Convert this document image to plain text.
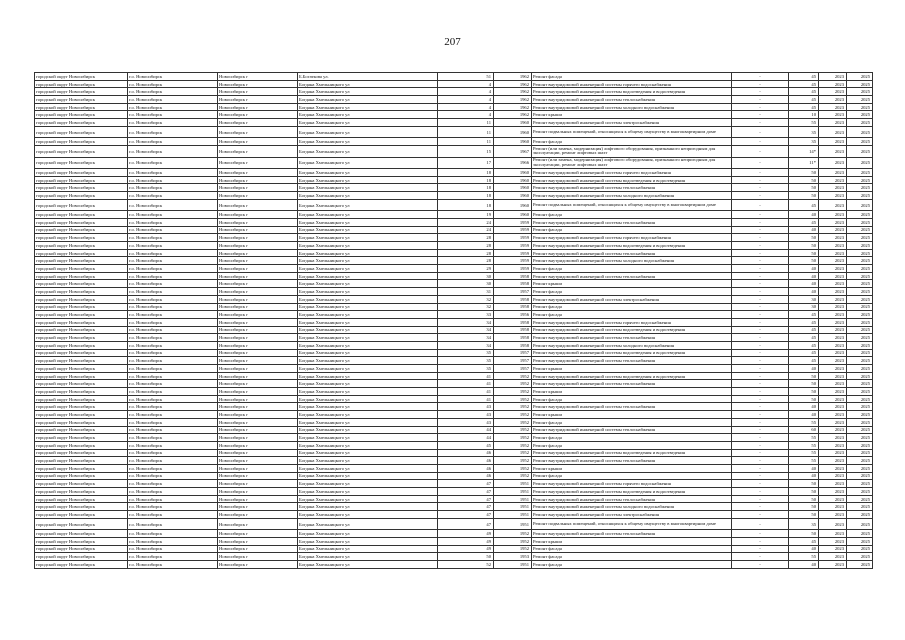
207
городской округ Новосибирск	г.о. Новосибирск	Новосибирск г	Б.Богаткова ул.	51	1962	Ремонт фасада	-	45	2023	2025
городской округ Новосибирск	г.о. Новосибирск	Новосибирск г	Богдана Хмельницкого ул	4	1962	Ремонт внутридомовой инженерной системы горячего водоснабжения	-	45	2023	2025
городской округ Новосибирск	г.о. Новосибирск	Новосибирск г	Богдана Хмельницкого ул	4	1962	Ремонт внутридомовой инженерной системы водоотведения и водоотведения	-	45	2023	2025
городской округ Новосибирск	г.о. Новосибирск	Новосибирск г	Богдана Хмельницкого ул	4	1962	Ремонт внутридомовой инженерной системы теплоснабжения	-	45	2023	2025
городской округ Новосибирск	г.о. Новосибирск	Новосибирск г	Богдана Хмельницкого ул	4	1962	Ремонт внутридомовой инженерной системы холодного водоснабжения	-	45	2023	2025
городской округ Новосибирск	г.о. Новосибирск	Новосибирск г	Богдана Хмельницкого ул	4	1962	Ремонт крыши	-	10	2023	2025
городской округ Новосибирск	г.о. Новосибирск	Новосибирск г	Богдана Хмельницкого ул	11	1960	Ремонт внутридомовой инженерной системы электроснабжения	-	55	2023	2025
городской округ Новосибирск	г.о. Новосибирск	Новосибирск г	Богдана Хмельницкого ул	11	1960	Ремонт подвальных помещений, относящихся к общему имуществу в многоквартирном доме	-	35	2023	2025
городской округ Новосибирск	г.о. Новосибирск	Новосибирск г	Богдана Хмельницкого ул	11	1960	Ремонт фасада	-	35	2023	2025
городской округ Новосибирск	г.о. Новосибирск	Новосибирск г	Богдана Хмельницкого ул	15	1967	Ремонт (или замена, модернизация) лифтового оборудования, признанного непригодным для эксплуатации, ремонт лифтовых шахт	-	14*	2023	2025
городской округ Новосибирск	г.о. Новосибирск	Новосибирск г	Богдана Хмельницкого ул	17	1966	Ремонт (или замена, модернизация) лифтового оборудования, признанного непригодным для эксплуатации, ремонт лифтовых шахт	-	11*	2023	2025
городской округ Новосибирск	г.о. Новосибирск	Новосибирск г	Богдана Хмельницкого ул	18	1960	Ремонт внутридомовой инженерной системы горячего водоснабжения	-	50	2023	2025
городской округ Новосибирск	г.о. Новосибирск	Новосибирск г	Богдана Хмельницкого ул	18	1960	Ремонт внутридомовой инженерной системы водоотведения и водоотведения	-	50	2023	2025
городской округ Новосибирск	г.о. Новосибирск	Новосибирск г	Богдана Хмельницкого ул	18	1960	Ремонт внутридомовой инженерной системы теплоснабжения	-	50	2023	2025
городской округ Новосибирск	г.о. Новосибирск	Новосибирск г	Богдана Хмельницкого ул	18	1960	Ремонт внутридомовой инженерной системы холодного водоснабжения	-	50	2023	2025
городской округ Новосибирск	г.о. Новосибирск	Новосибирск г	Богдана Хмельницкого ул	18	1960	Ремонт подвальных помещений, относящихся к общему имуществу в многоквартирном доме	-	45	2023	2025
городской округ Новосибирск	г.о. Новосибирск	Новосибирск г	Богдана Хмельницкого ул	19	1960	Ремонт фасада	-	40	2023	2025
городской округ Новосибирск	г.о. Новосибирск	Новосибирск г	Богдана Хмельницкого ул	24	1959	Ремонт внутридомовой инженерной системы теплоснабжения	-	45	2023	2025
городской округ Новосибирск	г.о. Новосибирск	Новосибирск г	Богдана Хмельницкого ул	24	1959	Ремонт фасада	-	40	2023	2025
городской округ Новосибирск	г.о. Новосибирск	Новосибирск г	Богдана Хмельницкого ул	28	1959	Ремонт внутридомовой инженерной системы горячего водоснабжения	-	50	2023	2025
городской округ Новосибирск	г.о. Новосибирск	Новосибирск г	Богдана Хмельницкого ул	28	1959	Ремонт внутридомовой инженерной системы водоотведения и водоотведения	-	50	2023	2025
городской округ Новосибирск	г.о. Новосибирск	Новосибирск г	Богдана Хмельницкого ул	28	1959	Ремонт внутридомовой инженерной системы теплоснабжения	-	50	2023	2025
городской округ Новосибирск	г.о. Новосибирск	Новосибирск г	Богдана Хмельницкого ул	28	1959	Ремонт внутридомовой инженерной системы холодного водоснабжения	-	50	2023	2025
городской округ Новосибирск	г.о. Новосибирск	Новосибирск г	Богдана Хмельницкого ул	29	1959	Ремонт фасада	-	40	2023	2025
городской округ Новосибирск	г.о. Новосибирск	Новосибирск г	Богдана Хмельницкого ул	30	1958	Ремонт внутридомовой инженерной системы теплоснабжения	-	40	2023	2025
городской округ Новосибирск	г.о. Новосибирск	Новосибирск г	Богдана Хмельницкого ул	30	1958	Ремонт крыши	-	40	2023	2025
городской округ Новосибирск	г.о. Новосибирск	Новосибирск г	Богдана Хмельницкого ул	31	1957	Ремонт фасада	-	40	2023	2025
городской округ Новосибирск	г.о. Новосибирск	Новосибирск г	Богдана Хмельницкого ул	32	1958	Ремонт внутридомовой инженерной системы электроснабжения	-	30	2023	2025
городской округ Новосибирск	г.о. Новосибирск	Новосибирск г	Богдана Хмельницкого ул	32	1958	Ремонт фасада	-	30	2023	2025
городской округ Новосибирск	г.о. Новосибирск	Новосибирск г	Богдана Хмельницкого ул	33	1956	Ремонт фасада	-	45	2023	2025
городской округ Новосибирск	г.о. Новосибирск	Новосибирск г	Богдана Хмельницкого ул	34	1958	Ремонт внутридомовой инженерной системы горячего водоснабжения	-	45	2023	2025
городской округ Новосибирск	г.о. Новосибирск	Новосибирск г	Богдана Хмельницкого ул	34	1958	Ремонт внутридомовой инженерной системы водоотведения и водоотведения	-	45	2023	2025
городской округ Новосибирск	г.о. Новосибирск	Новосибирск г	Богдана Хмельницкого ул	34	1958	Ремонт внутридомовой инженерной системы теплоснабжения	-	45	2023	2025
городской округ Новосибирск	г.о. Новосибирск	Новосибирск г	Богдана Хмельницкого ул	34	1958	Ремонт внутридомовой инженерной системы холодного водоснабжения	-	45	2023	2025
городской округ Новосибирск	г.о. Новосибирск	Новосибирск г	Богдана Хмельницкого ул	35	1957	Ремонт внутридомовой инженерной системы водоотведения и водоотведения	-	45	2023	2025
городской округ Новосибирск	г.о. Новосибирск	Новосибирск г	Богдана Хмельницкого ул	35	1957	Ремонт внутридомовой инженерной системы теплоснабжения	-	45	2023	2025
городской округ Новосибирск	г.о. Новосибирск	Новосибирск г	Богдана Хмельницкого ул	35	1957	Ремонт крыши	-	40	2023	2025
городской округ Новосибирск	г.о. Новосибирск	Новосибирск г	Богдана Хмельницкого ул	41	1952	Ремонт внутридомовой инженерной системы водоотведения и водоотведения	-	50	2023	2025
городской округ Новосибирск	г.о. Новосибирск	Новосибирск г	Богдана Хмельницкого ул	41	1952	Ремонт внутридомовой инженерной системы теплоснабжения	-	50	2023	2025
городской округ Новосибирск	г.о. Новосибирск	Новосибирск г	Богдана Хмельницкого ул	41	1952	Ремонт крыши	-	50	2023	2025
городской округ Новосибирск	г.о. Новосибирск	Новосибирск г	Богдана Хмельницкого ул	41	1952	Ремонт фасада	-	50	2023	2025
городской округ Новосибирск	г.о. Новосибирск	Новосибирск г	Богдана Хмельницкого ул	43	1952	Ремонт внутридомовой инженерной системы теплоснабжения	-	40	2023	2025
городской округ Новосибирск	г.о. Новосибирск	Новосибирск г	Богдана Хмельницкого ул	43	1952	Ремонт крыши	-	40	2023	2025
городской округ Новосибирск	г.о. Новосибирск	Новосибирск г	Богдана Хмельницкого ул	43	1952	Ремонт фасада	-	55	2023	2025
городской округ Новосибирск	г.о. Новосибирск	Новосибирск г	Богдана Хмельницкого ул	44	1952	Ремонт внутридомовой инженерной системы теплоснабжения	-	60	2023	2025
городской округ Новосибирск	г.о. Новосибирск	Новосибирск г	Богдана Хмельницкого ул	44	1952	Ремонт фасада	-	55	2023	2025
городской округ Новосибирск	г.о. Новосибирск	Новосибирск г	Богдана Хмельницкого ул	45	1952	Ремонт фасада	-	55	2023	2025
городской округ Новосибирск	г.о. Новосибирск	Новосибирск г	Богдана Хмельницкого ул	46	1952	Ремонт внутридомовой инженерной системы водоотведения и водоотведения	-	55	2023	2025
городской округ Новосибирск	г.о. Новосибирск	Новосибирск г	Богдана Хмельницкого ул	46	1952	Ремонт внутридомовой инженерной системы теплоснабжения	-	55	2023	2025
городской округ Новосибирск	г.о. Новосибирск	Новосибирск г	Богдана Хмельницкого ул	46	1952	Ремонт крыши	-	40	2023	2025
городской округ Новосибирск	г.о. Новосибирск	Новосибирск г	Богдана Хмельницкого ул	46	1952	Ремонт фасада	-	40	2023	2025
городской округ Новосибирск	г.о. Новосибирск	Новосибирск г	Богдана Хмельницкого ул	47	1951	Ремонт внутридомовой инженерной системы горячего водоснабжения	-	50	2023	2025
городской округ Новосибирск	г.о. Новосибирск	Новосибирск г	Богдана Хмельницкого ул	47	1951	Ремонт внутридомовой инженерной системы водоотведения и водоотведения	-	50	2023	2025
городской округ Новосибирск	г.о. Новосибирск	Новосибирск г	Богдана Хмельницкого ул	47	1951	Ремонт внутридомовой инженерной системы теплоснабжения	-	50	2023	2025
городской округ Новосибирск	г.о. Новосибирск	Новосибирск г	Богдана Хмельницкого ул	47	1951	Ремонт внутридомовой инженерной системы холодного водоснабжения	-	50	2023	2025
городской округ Новосибирск	г.о. Новосибирск	Новосибирск г	Богдана Хмельницкого ул	47	1951	Ремонт внутридомовой инженерной системы электроснабжения	-	50	2023	2025
городской округ Новосибирск	г.о. Новосибирск	Новосибирск г	Богдана Хмельницкого ул	47	1951	Ремонт подвальных помещений, относящихся к общему имуществу в многоквартирном доме	-	35	2023	2025
городской округ Новосибирск	г.о. Новосибирск	Новосибирск г	Богдана Хмельницкого ул	49	1952	Ремонт внутридомовой инженерной системы теплоснабжения	-	50	2023	2025
городской округ Новосибирск	г.о. Новосибирск	Новосибирск г	Богдана Хмельницкого ул	49	1952	Ремонт крыши	-	45	2023	2025
городской округ Новосибирск	г.о. Новосибирск	Новосибирск г	Богдана Хмельницкого ул	49	1952	Ремонт фасада	-	40	2023	2025
городской округ Новосибирск	г.о. Новосибирск	Новосибирск г	Богдана Хмельницкого ул	50	1953	Ремонт фасада	-	55	2023	2025
городской округ Новосибирск	г.о. Новосибирск	Новосибирск г	Богдана Хмельницкого ул	52	1951	Ремонт фасада	-	40	2023	2025
